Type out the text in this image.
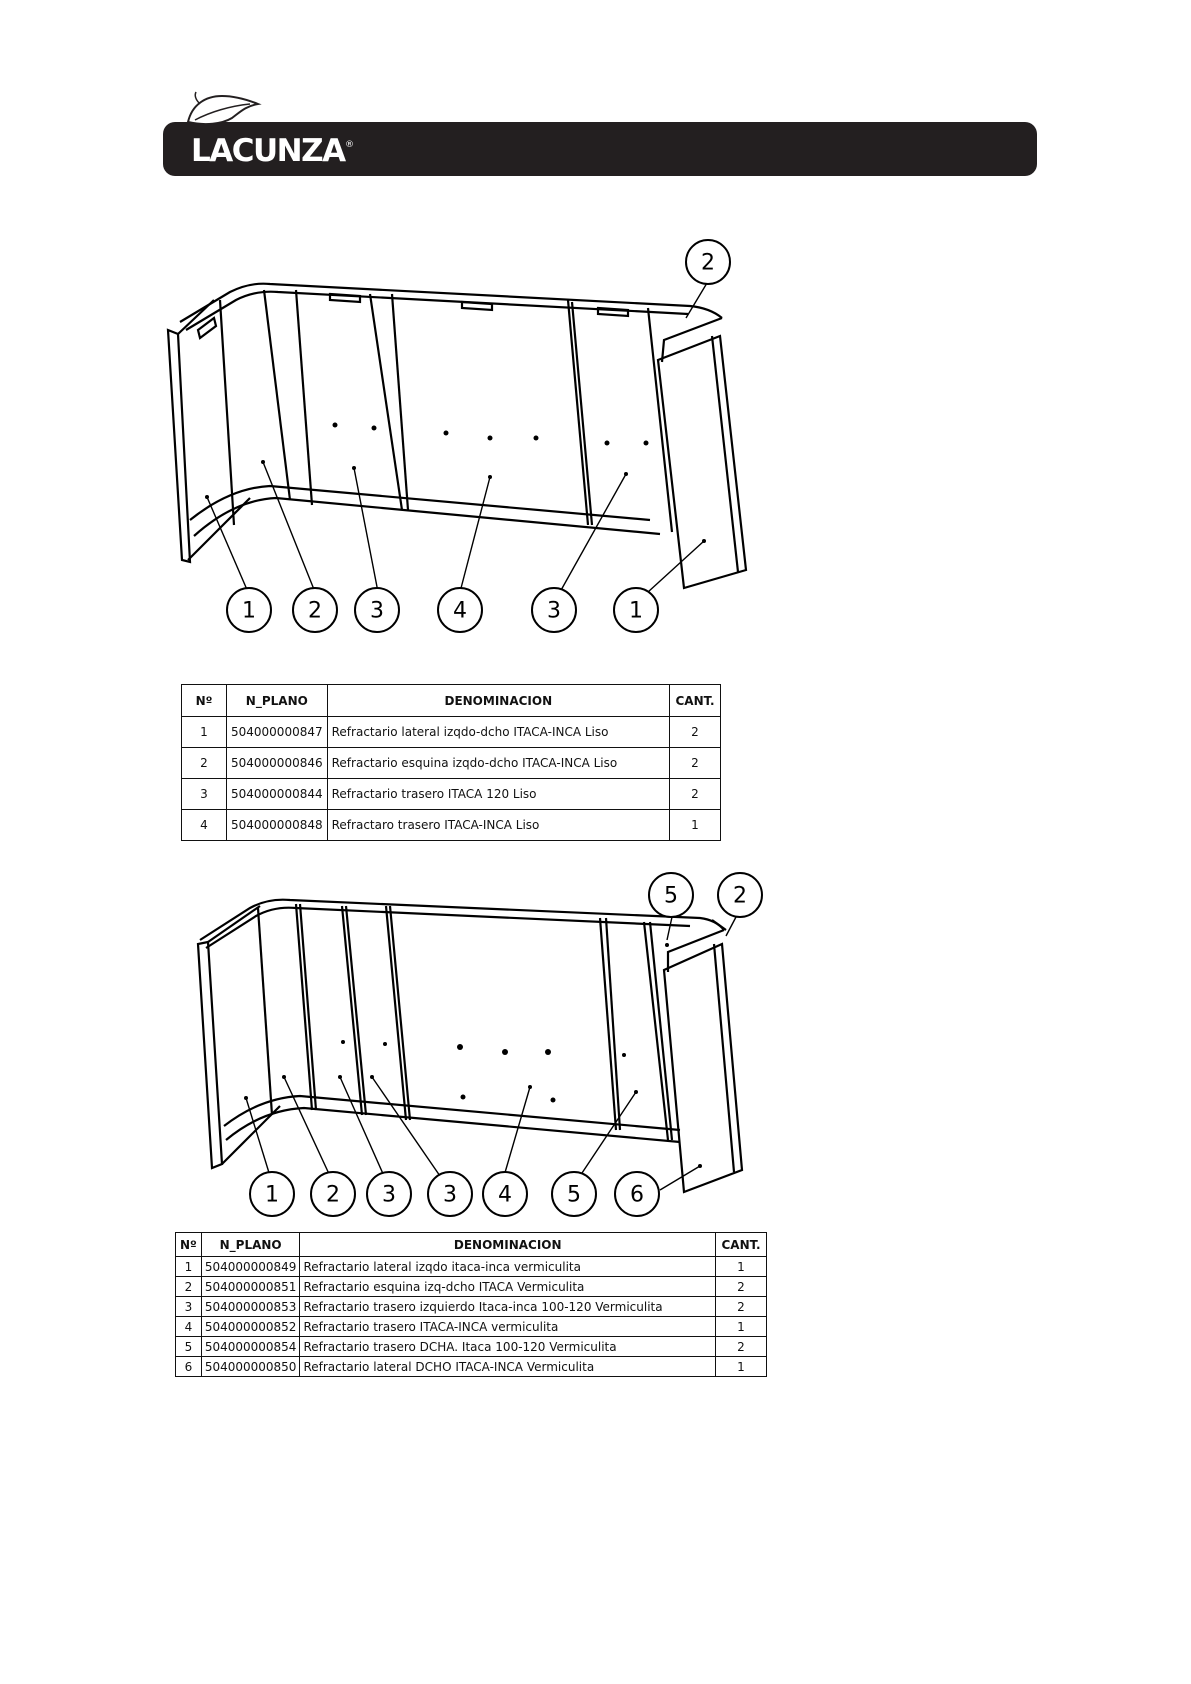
LACUNZA ®
1 2 3	4	3	1
2
Nº	N_PLANO	DENOMINACION	CANT.
1	504000000847	Refractario lateral izqdo-dcho ITACA-INCA Liso	2
2	504000000846	Refractario esquina izqdo-dcho ITACA-INCA Liso	2
3	504000000844	Refractario trasero ITACA 120 Liso	2
4	504000000848	Refractaro trasero ITACA-INCA Liso	1
5	2
1 2 3 3 4	5 6
Nº	N_PLANO	DENOMINACION	CANT.
1	504000000849	Refractario lateral izqdo itaca-inca vermiculita	1
2	504000000851	Refractario esquina izq-dcho ITACA Vermiculita	2
3	504000000853	Refractario trasero izquierdo Itaca-inca 100-120 Vermiculita	2
4	504000000852	Refractario trasero ITACA-INCA vermiculita	1
5	504000000854	Refractario trasero DCHA. Itaca 100-120 Vermiculita	2
6	504000000850	Refractario lateral DCHO ITACA-INCA Vermiculita	1
